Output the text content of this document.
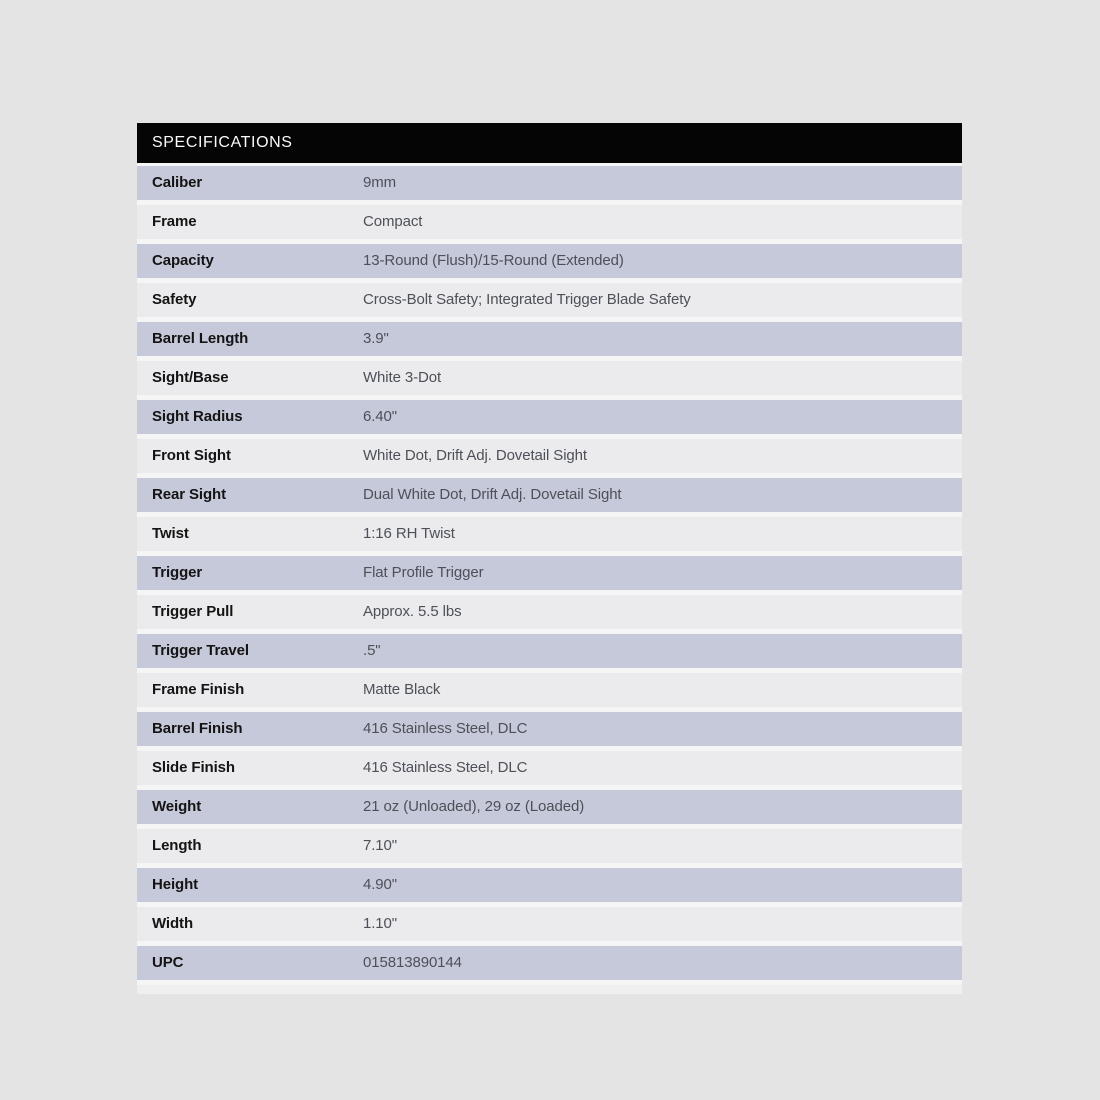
SPECIFICATIONS
Caliber	9mm
Frame	Compact
Capacity	13-Round (Flush)/15-Round (Extended)
Safety	Cross-Bolt Safety; Integrated Trigger Blade Safety
Barrel Length	3.9"
Sight/Base	White 3-Dot
Sight Radius	6.40"
Front Sight	White Dot, Drift Adj. Dovetail Sight
Rear Sight	Dual White Dot, Drift Adj. Dovetail Sight
Twist	1:16 RH Twist
Trigger	Flat Profile Trigger
Trigger Pull	Approx. 5.5 lbs
Trigger Travel	.5"
Frame Finish	Matte Black
Barrel Finish	416 Stainless Steel, DLC
Slide Finish	416 Stainless Steel, DLC
Weight	21 oz (Unloaded), 29 oz (Loaded)
Length	7.10"
Height	4.90"
Width	1.10"
UPC	015813890144
